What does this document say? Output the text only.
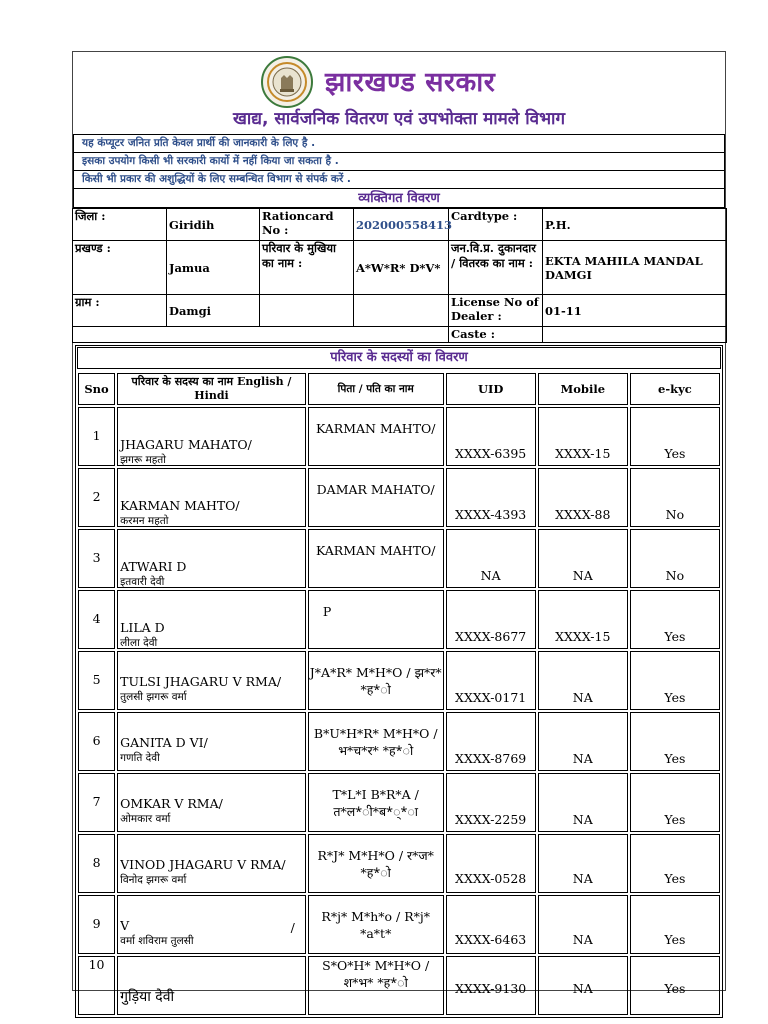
झारखण्ड सरकार
खाद्य, सार्वजनिक वितरण एवं उपभोक्ता मामले विभाग
यह कंप्यूटर जनित प्रति केवल प्रार्थी की जानकारी के लिए है .
इसका उपयोग किसी भी सरकारी कार्यो में नहीं किया जा सकता है .
किसी भी प्रकार की अशुद्धियों के लिए सम्बन्धित विभाग से संपर्क करें .
व्यक्तिगत विवरण
जिला :	Giridih	Rationcard No :	202000558413	Cardtype :	P.H.
प्रखण्ड :	Jamua	परिवार के मुखिया का नाम :	A*W*R* D*V*	जन.वि.प्र. दुकानदार / वितरक का नाम :	EKTA MAHILA MANDAL DAMGI
ग्राम :	Damgi			License No of Dealer :	01-11
				Caste :	
परिवार के सदस्यों का विवरण
Sno	परिवार के सदस्य का नाम English / Hindi	पिता / पति का नाम	UID	Mobile	e-kyc

1	JHAGARU MAHATO/
झगरू महतो	KARMAN MAHTO/	XXXX-6395	XXXX-15	Yes

2	KARMAN MAHTO/
करमन महतो	DAMAR MAHATO/	XXXX-4393	XXXX-88	No

3	ATWARI D
इतवारी देवी	KARMAN MAHTO/	NA	NA	No

4	LILA D
लीला देवी	P	XXXX-8677	XXXX-15	Yes

5	TULSI JHAGARU V RMA/
तुलसी झगरू वर्मा	J*A*R* M*H*O / झ*र* *ह*ो	XXXX-0171	NA	Yes

6	GANITA D VI/
गणति देवी	B*U*H*R* M*H*O / भ*च*र* *ह*ो	XXXX-8769	NA	Yes

7	OMKAR V RMA/
ओमकार वर्मा	T*L*I B*R*A / त*ल*ी*ब*्*ा	XXXX-2259	NA	Yes

8	VINOD JHAGARU V RMA/
विनोद झगरू वर्मा	R*J* M*H*O / र*ज* *ह*ो	XXXX-0528	NA	Yes

9	V /
वर्मा शविराम तुलसी	R*j* M*h*o / R*j* *a*t*	XXXX-6463	NA	Yes

10	गुड़िया देवी	S*O*H* M*H*O / श*भ* *ह*ो	XXXX-9130	NA	Yes
